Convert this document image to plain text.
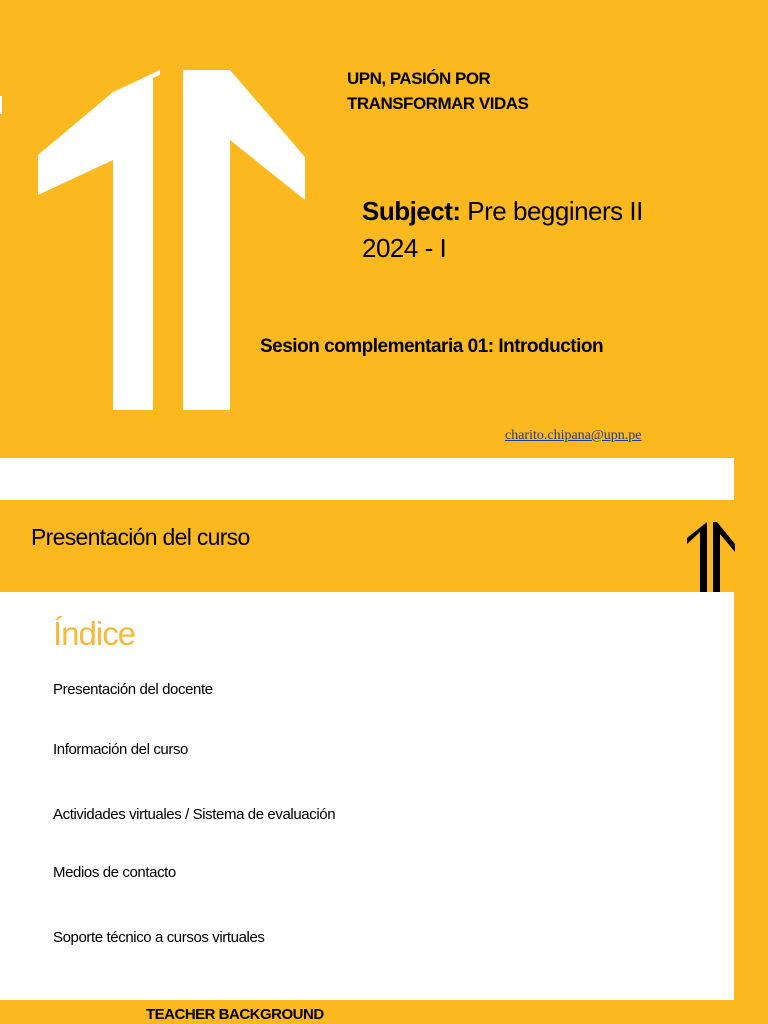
UPN, PASIÓN POR
TRANSFORMAR VIDAS
Subject: Pre begginers II
2024 - I
Sesion complementaria 01: Introduction
charito.chipana@upn.pe
Presentación del curso
Índice
Presentación del docente
Información del curso
Actividades virtuales / Sistema de evaluación
Medios de contacto
Soporte técnico a cursos virtuales
TEACHER BACKGROUND
